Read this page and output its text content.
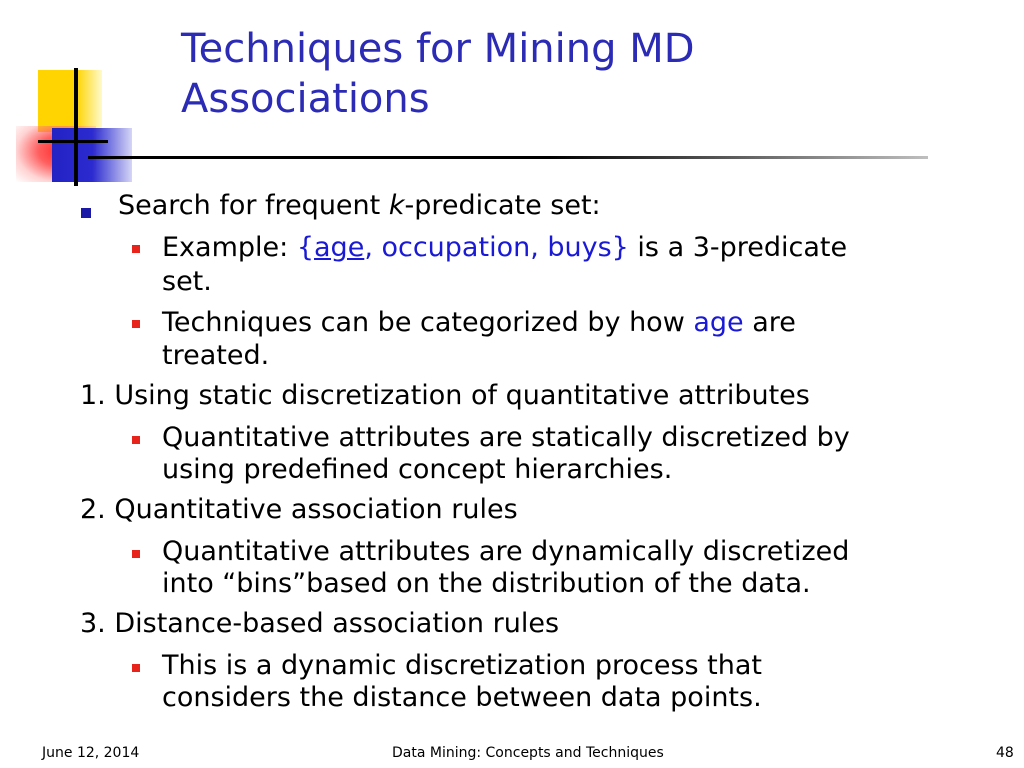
Techniques for Mining MD
Associations
Search for frequent k-predicate set:
Example: {age, occupation, buys} is a 3-predicate
set.
Techniques can be categorized by how age are
treated.
1. Using static discretization of quantitative attributes
Quantitative attributes are statically discretized by
using predefined concept hierarchies.
2. Quantitative association rules
Quantitative attributes are dynamically discretized
into “bins”based on the distribution of the data.
3. Distance-based association rules
This is a dynamic discretization process that
considers the distance between data points.
June 12, 2014	Data Mining: Concepts and Techniques	48
